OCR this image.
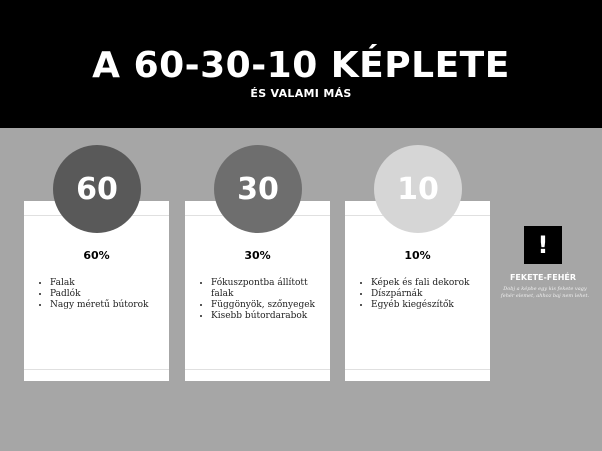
A 60-30-10 KÉPLETE
ÉS VALAMI MÁS
60%
• Falak
• Padlók
• Nagy méretű bútorok
60
30%
• Fókuszpontba állított falak
• Függönyök, szőnyegek
• Kisebb bútordarabok
30
10%
• Képek és fali dekorok
• Díszpárnák
• Egyéb kiegészítők
10
!
FEKETE-FEHÉR
Dobj a képbe egy kis fekete vagy fehér elemet, ahhoz baj nem lehet.
